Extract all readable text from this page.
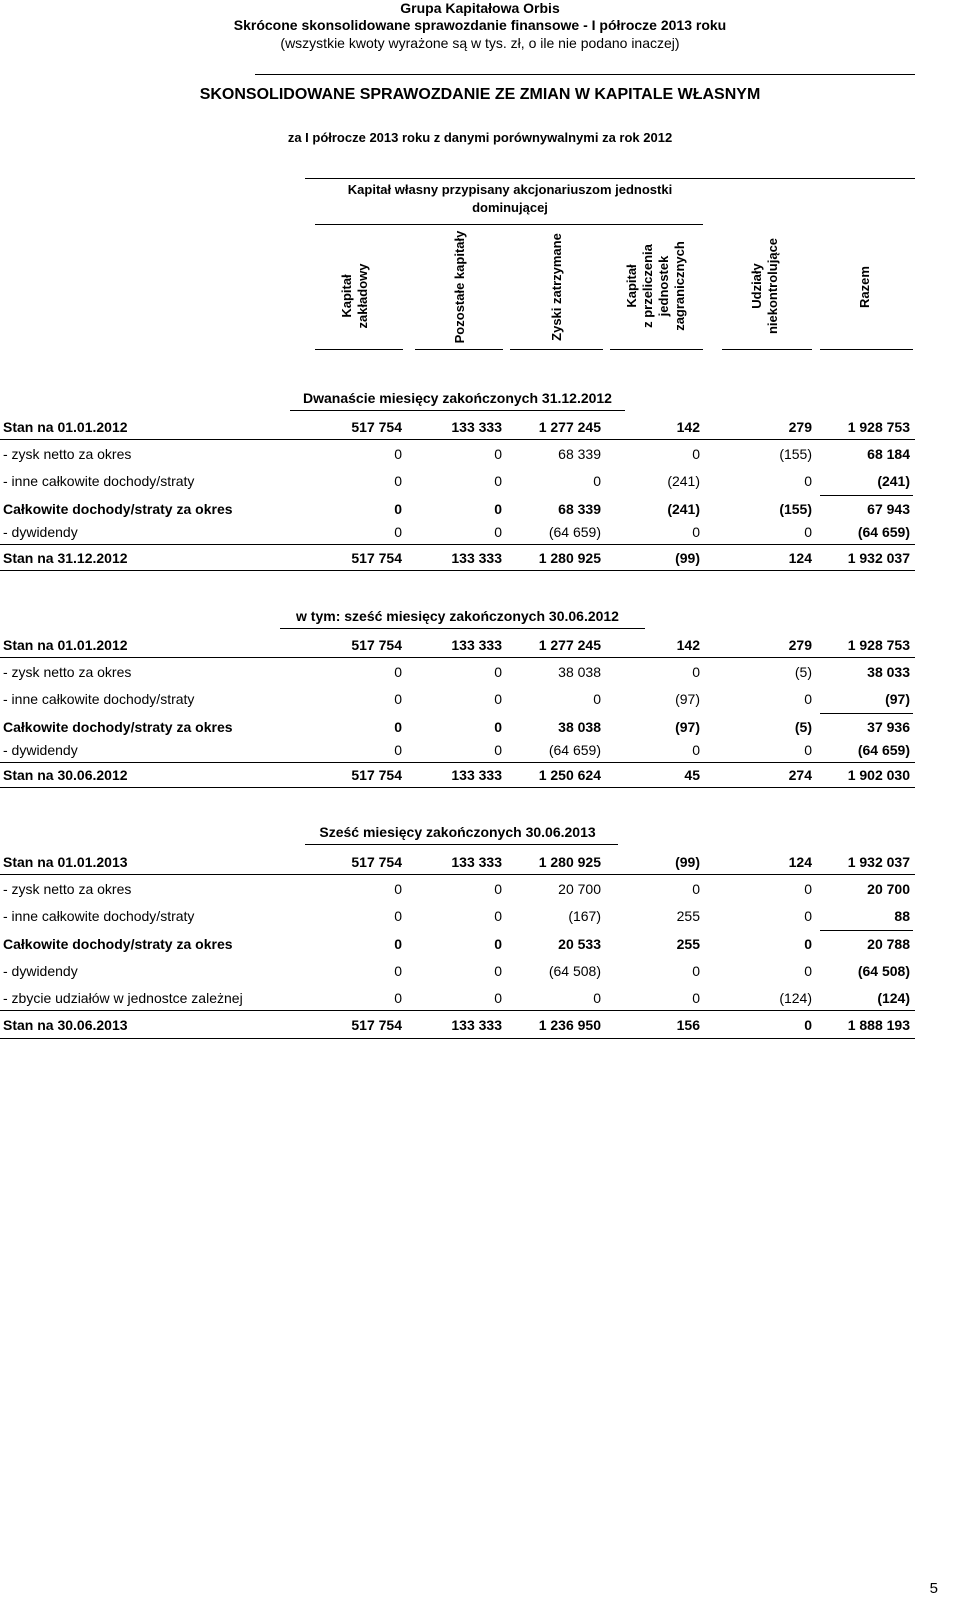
Grupa Kapitałowa Orbis
Skrócone skonsolidowane sprawozdanie finansowe - I półrocze 2013 roku
(wszystkie kwoty wyrażone są w tys. zł, o ile nie podano inaczej)
SKONSOLIDOWANE SPRAWOZDANIE ZE ZMIAN W KAPITALE WŁASNYM
za I półrocze 2013 roku z danymi porównywalnymi za rok 2012
Kapitał własny przypisany akcjonariuszom jednostki
dominującej
Kapitał zakładowy	Pozostałe kapitały	Zyski zatrzymane	Kapitał z przeliczenia jednostek zagranicznych	Udziały niekontrolujące	Razem
Dwanaście miesięcy zakończonych 31.12.2012
Stan na 01.01.2012	517 754	133 333	1 277 245	142	279	1 928 753
- zysk netto za okres	0	0	68 339	0	(155)	68 184
- inne całkowite dochody/straty	0	0	0	(241)	0	(241)
Całkowite dochody/straty za okres	0	0	68 339	(241)	(155)	67 943
- dywidendy	0	0	(64 659)	0	0	(64 659)
Stan na 31.12.2012	517 754	133 333	1 280 925	(99)	124	1 932 037
w tym: sześć miesięcy zakończonych 30.06.2012
Stan na 01.01.2012	517 754	133 333	1 277 245	142	279	1 928 753
- zysk netto za okres	0	0	38 038	0	(5)	38 033
- inne całkowite dochody/straty	0	0	0	(97)	0	(97)
Całkowite dochody/straty za okres	0	0	38 038	(97)	(5)	37 936
- dywidendy	0	0	(64 659)	0	0	(64 659)
Stan na 30.06.2012	517 754	133 333	1 250 624	45	274	1 902 030
Sześć miesięcy zakończonych 30.06.2013
Stan na 01.01.2013	517 754	133 333	1 280 925	(99)	124	1 932 037
- zysk netto za okres	0	0	20 700	0	0	20 700
- inne całkowite dochody/straty	0	0	(167)	255	0	88
Całkowite dochody/straty za okres	0	0	20 533	255	0	20 788
- dywidendy	0	0	(64 508)	0	0	(64 508)
- zbycie udziałów w jednostce zależnej	0	0	0	0	(124)	(124)
Stan na 30.06.2013	517 754	133 333	1 236 950	156	0	1 888 193
5
